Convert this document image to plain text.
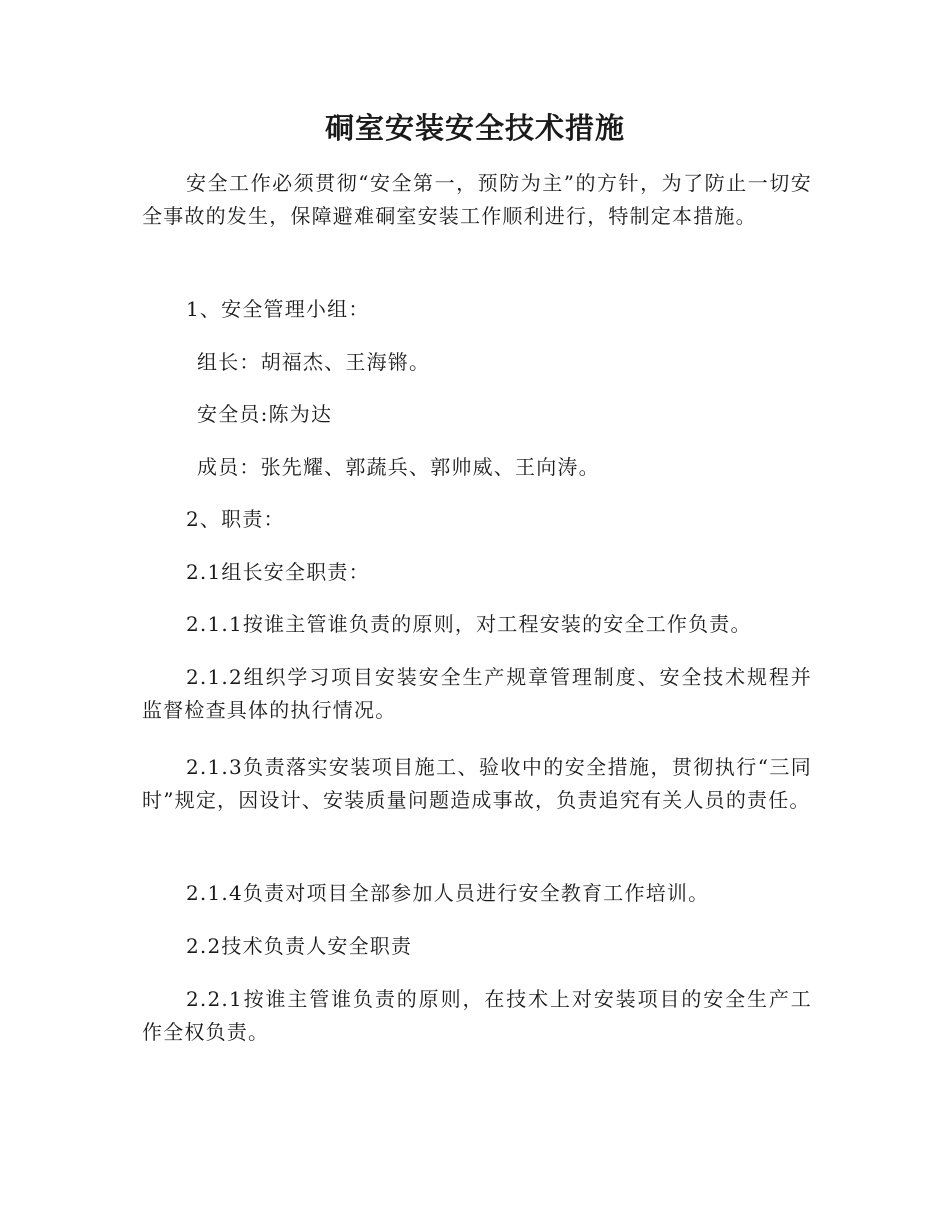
硐室安装安全技术措施

安全工作必须贯彻“安全第一，预防为主”的方针，为了防止一切安全事故的发生，保障避难硐室安装工作顺利进行，特制定本措施。

1、安全管理小组：

组长：胡福杰、王海锵。

安全员:陈为达

成员：张先耀、郭蔬兵、郭帅威、王向涛。

2、职责：

2.1组长安全职责：

2.1.1按谁主管谁负责的原则，对工程安装的安全工作负责。

2.1.2组织学习项目安装安全生产规章管理制度、安全技术规程并监督检查具体的执行情况。

2.1.3负责落实安装项目施工、验收中的安全措施，贯彻执行“三同时”规定，因设计、安装质量问题造成事故，负责追究有关人员的责任。

2.1.4负责对项目全部参加人员进行安全教育工作培训。

2.2技术负责人安全职责

2.2.1按谁主管谁负责的原则，在技术上对安装项目的安全生产工作全权负责。
